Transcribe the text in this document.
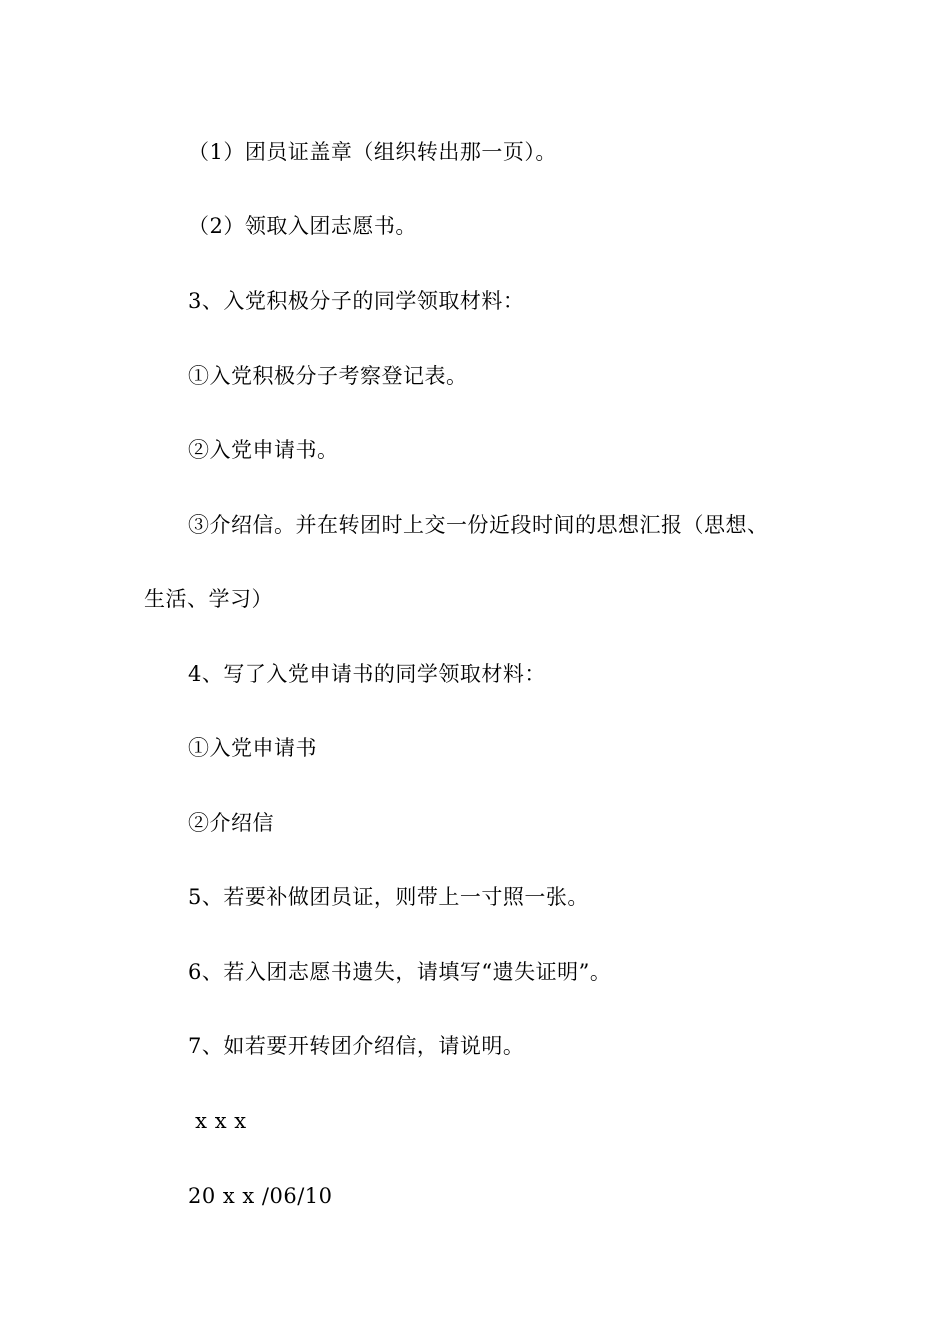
（1）团员证盖章（组织转出那一页）。
（2）领取入团志愿书。
3、入党积极分子的同学领取材料：
①入党积极分子考察登记表。
②入党申请书。
③介绍信。并在转团时上交一份近段时间的思想汇报（思想、
生活、学习）
4、写了入党申请书的同学领取材料：
①入党申请书
②介绍信
5、若要补做团员证，则带上一寸照一张。
6、若入团志愿书遗失，请填写“遗失证明”。
7、如若要开转团介绍信，请说明。
x x x
20 x x /06/10
